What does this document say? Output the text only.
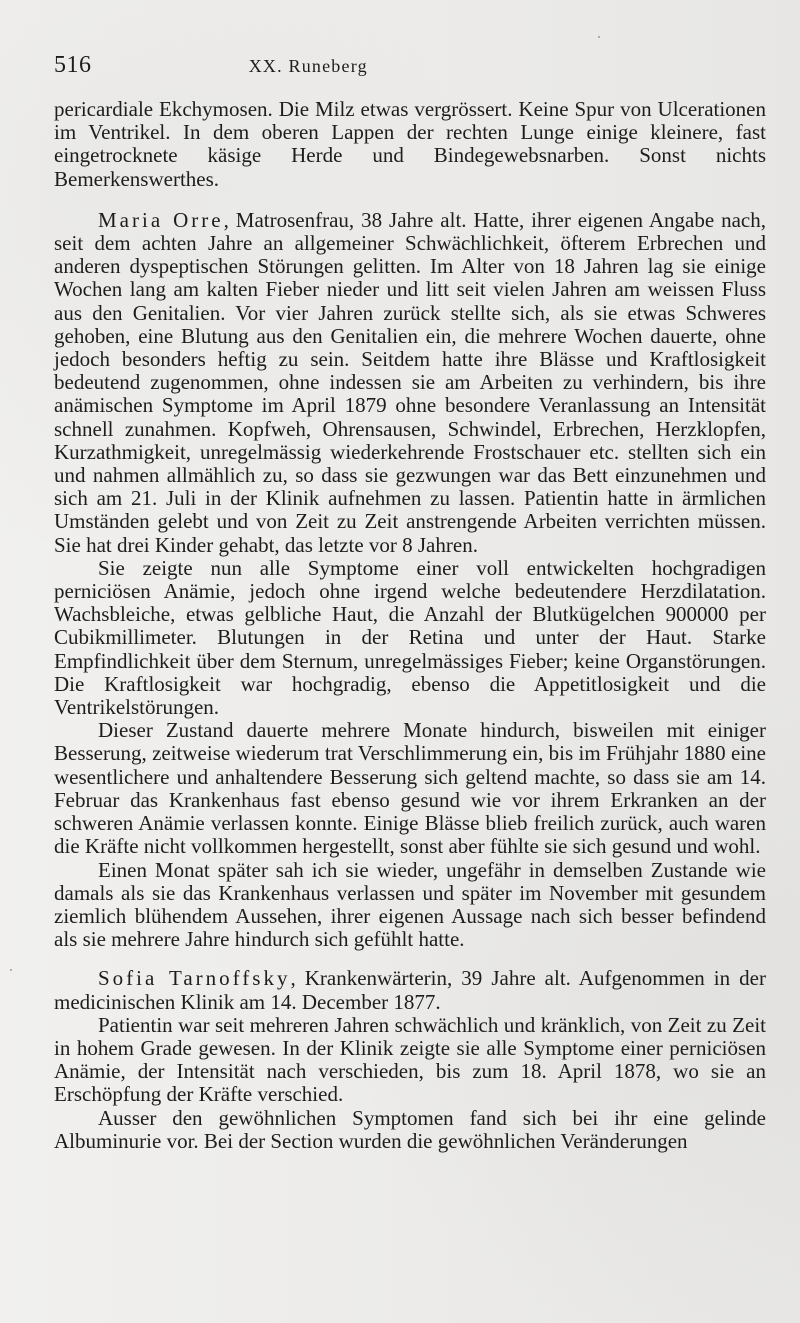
516	XX. Runeberg

pericardiale Ekchymosen. Die Milz etwas vergrössert. Keine Spur von Ulcerationen im Ventrikel. In dem oberen Lappen der rechten Lunge einige kleinere, fast eingetrocknete käsige Herde und Bindegewebsnarben. Sonst nichts Bemerkenswerthes.

Maria Orre, Matrosenfrau, 38 Jahre alt. Hatte, ihrer eigenen Angabe nach, seit dem achten Jahre an allgemeiner Schwächlichkeit, öfterem Erbrechen und anderen dyspeptischen Störungen gelitten. Im Alter von 18 Jahren lag sie einige Wochen lang am kalten Fieber nieder und litt seit vielen Jahren am weissen Fluss aus den Genitalien. Vor vier Jahren zurück stellte sich, als sie etwas Schweres gehoben, eine Blutung aus den Genitalien ein, die mehrere Wochen dauerte, ohne jedoch besonders heftig zu sein. Seitdem hatte ihre Blässe und Kraftlosigkeit bedeutend zugenommen, ohne indessen sie am Arbeiten zu verhindern, bis ihre anämischen Symptome im April 1879 ohne besondere Veranlassung an Intensität schnell zunahmen. Kopfweh, Ohrensausen, Schwindel, Erbrechen, Herzklopfen, Kurzathmigkeit, unregelmässig wiederkehrende Frostschauer etc. stellten sich ein und nahmen allmählich zu, so dass sie gezwungen war das Bett einzunehmen und sich am 21. Juli in der Klinik aufnehmen zu lassen. Patientin hatte in ärmlichen Umständen gelebt und von Zeit zu Zeit anstrengende Arbeiten verrichten müssen. Sie hat drei Kinder gehabt, das letzte vor 8 Jahren.

Sie zeigte nun alle Symptome einer voll entwickelten hochgradigen perniciösen Anämie, jedoch ohne irgend welche bedeutendere Herzdilatation. Wachsbleiche, etwas gelbliche Haut, die Anzahl der Blutkügelchen 900000 per Cubikmillimeter. Blutungen in der Retina und unter der Haut. Starke Empfindlichkeit über dem Sternum, unregelmässiges Fieber; keine Organstörungen. Die Kraftlosigkeit war hochgradig, ebenso die Appetitlosigkeit und die Ventrikelstörungen.

Dieser Zustand dauerte mehrere Monate hindurch, bisweilen mit einiger Besserung, zeitweise wiederum trat Verschlimmerung ein, bis im Frühjahr 1880 eine wesentlichere und anhaltendere Besserung sich geltend machte, so dass sie am 14. Februar das Krankenhaus fast ebenso gesund wie vor ihrem Erkranken an der schweren Anämie verlassen konnte. Einige Blässe blieb freilich zurück, auch waren die Kräfte nicht vollkommen hergestellt, sonst aber fühlte sie sich gesund und wohl.

Einen Monat später sah ich sie wieder, ungefähr in demselben Zustande wie damals als sie das Krankenhaus verlassen und später im November mit gesundem ziemlich blühendem Aussehen, ihrer eigenen Aussage nach sich besser befindend als sie mehrere Jahre hindurch sich gefühlt hatte.

Sofia Tarnoffsky, Krankenwärterin, 39 Jahre alt. Aufgenommen in der medicinischen Klinik am 14. December 1877.

Patientin war seit mehreren Jahren schwächlich und kränklich, von Zeit zu Zeit in hohem Grade gewesen. In der Klinik zeigte sie alle Symptome einer perniciösen Anämie, der Intensität nach verschieden, bis zum 18. April 1878, wo sie an Erschöpfung der Kräfte verschied.

Ausser den gewöhnlichen Symptomen fand sich bei ihr eine gelinde Albuminurie vor. Bei der Section wurden die gewöhnlichen Veränderungen
